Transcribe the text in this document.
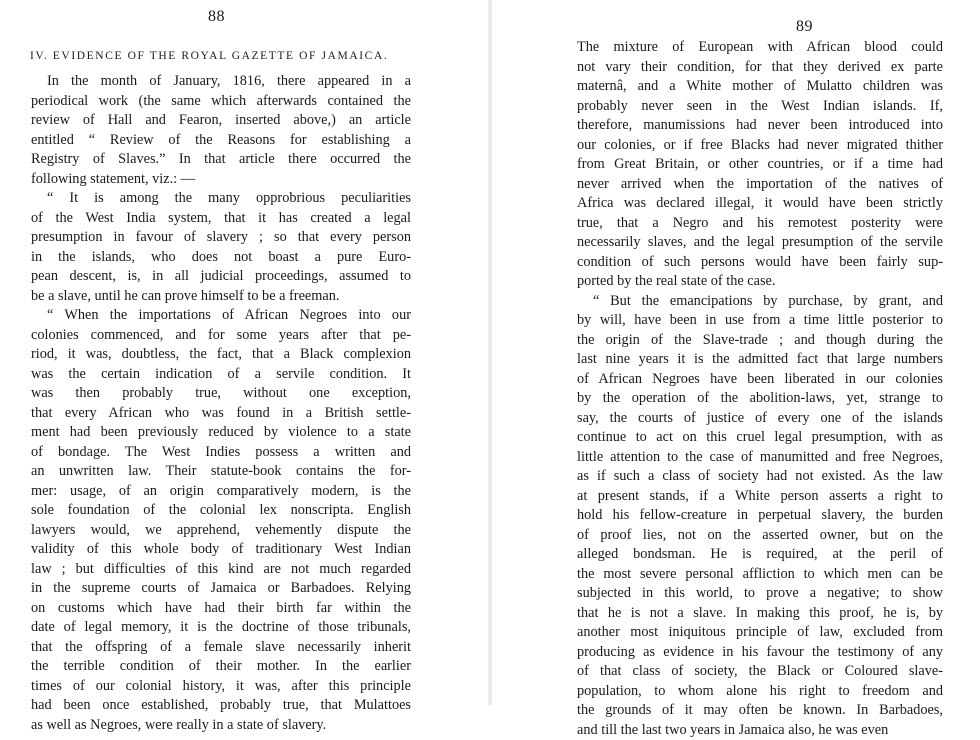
88
IV. EVIDENCE OF THE ROYAL GAZETTE OF JAMAICA.
In the month of January, 1816, there appeared in a
periodical work (the same which afterwards contained the
review of Hall and Fearon, inserted above,) an article
entitled “ Review of the Reasons for establishing a
Registry of Slaves.” In that article there occurred the
following statement, viz.: —
“ It is among the many opprobrious peculiarities
of the West India system, that it has created a legal
presumption in favour of slavery ; so that every person
in the islands, who does not boast a pure Euro-
pean descent, is, in all judicial proceedings, assumed to
be a slave, until he can prove himself to be a freeman.
“ When the importations of African Negroes into our
colonies commenced, and for some years after that pe-
riod, it was, doubtless, the fact, that a Black complexion
was the certain indication of a servile condition. It
was then probably true, without one exception,
that every African who was found in a British settle-
ment had been previously reduced by violence to a state
of bondage. The West Indies possess a written and
an unwritten law. Their statute-book contains the for-
mer: usage, of an origin comparatively modern, is the
sole foundation of the colonial lex nonscripta. English
lawyers would, we apprehend, vehemently dispute the
validity of this whole body of traditionary West Indian
law ; but difficulties of this kind are not much regarded
in the supreme courts of Jamaica or Barbadoes. Relying
on customs which have had their birth far within the
date of legal memory, it is the doctrine of those tribunals,
that the offspring of a female slave necessarily inherit
the terrible condition of their mother. In the earlier
times of our colonial history, it was, after this principle
had been once established, probably true, that Mulattoes
as well as Negroes, were really in a state of slavery.
89
The mixture of European with African blood could
not vary their condition, for that they derived ex parte
maternâ, and a White mother of Mulatto children was
probably never seen in the West Indian islands. If,
therefore, manumissions had never been introduced into
our colonies, or if free Blacks had never migrated thither
from Great Britain, or other countries, or if a time had
never arrived when the importation of the natives of
Africa was declared illegal, it would have been strictly
true, that a Negro and his remotest posterity were
necessarily slaves, and the legal presumption of the servile
condition of such persons would have been fairly sup-
ported by the real state of the case.
“ But the emancipations by purchase, by grant, and
by will, have been in use from a time little posterior to
the origin of the Slave-trade ; and though during the
last nine years it is the admitted fact that large numbers
of African Negroes have been liberated in our colonies
by the operation of the abolition-laws, yet, strange to
say, the courts of justice of every one of the islands
continue to act on this cruel legal presumption, with as
little attention to the case of manumitted and free Negroes,
as if such a class of society had not existed. As the law
at present stands, if a White person asserts a right to
hold his fellow-creature in perpetual slavery, the burden
of proof lies, not on the asserted owner, but on the
alleged bondsman. He is required, at the peril of
the most severe personal affliction to which men can be
subjected in this world, to prove a negative; to show
that he is not a slave. In making this proof, he is, by
another most iniquitous principle of law, excluded from
producing as evidence in his favour the testimony of any
of that class of society, the Black or Coloured slave-
population, to whom alone his right to freedom and
the grounds of it may often be known. In Barbadoes,
and till the last two years in Jamaica also, he was even
